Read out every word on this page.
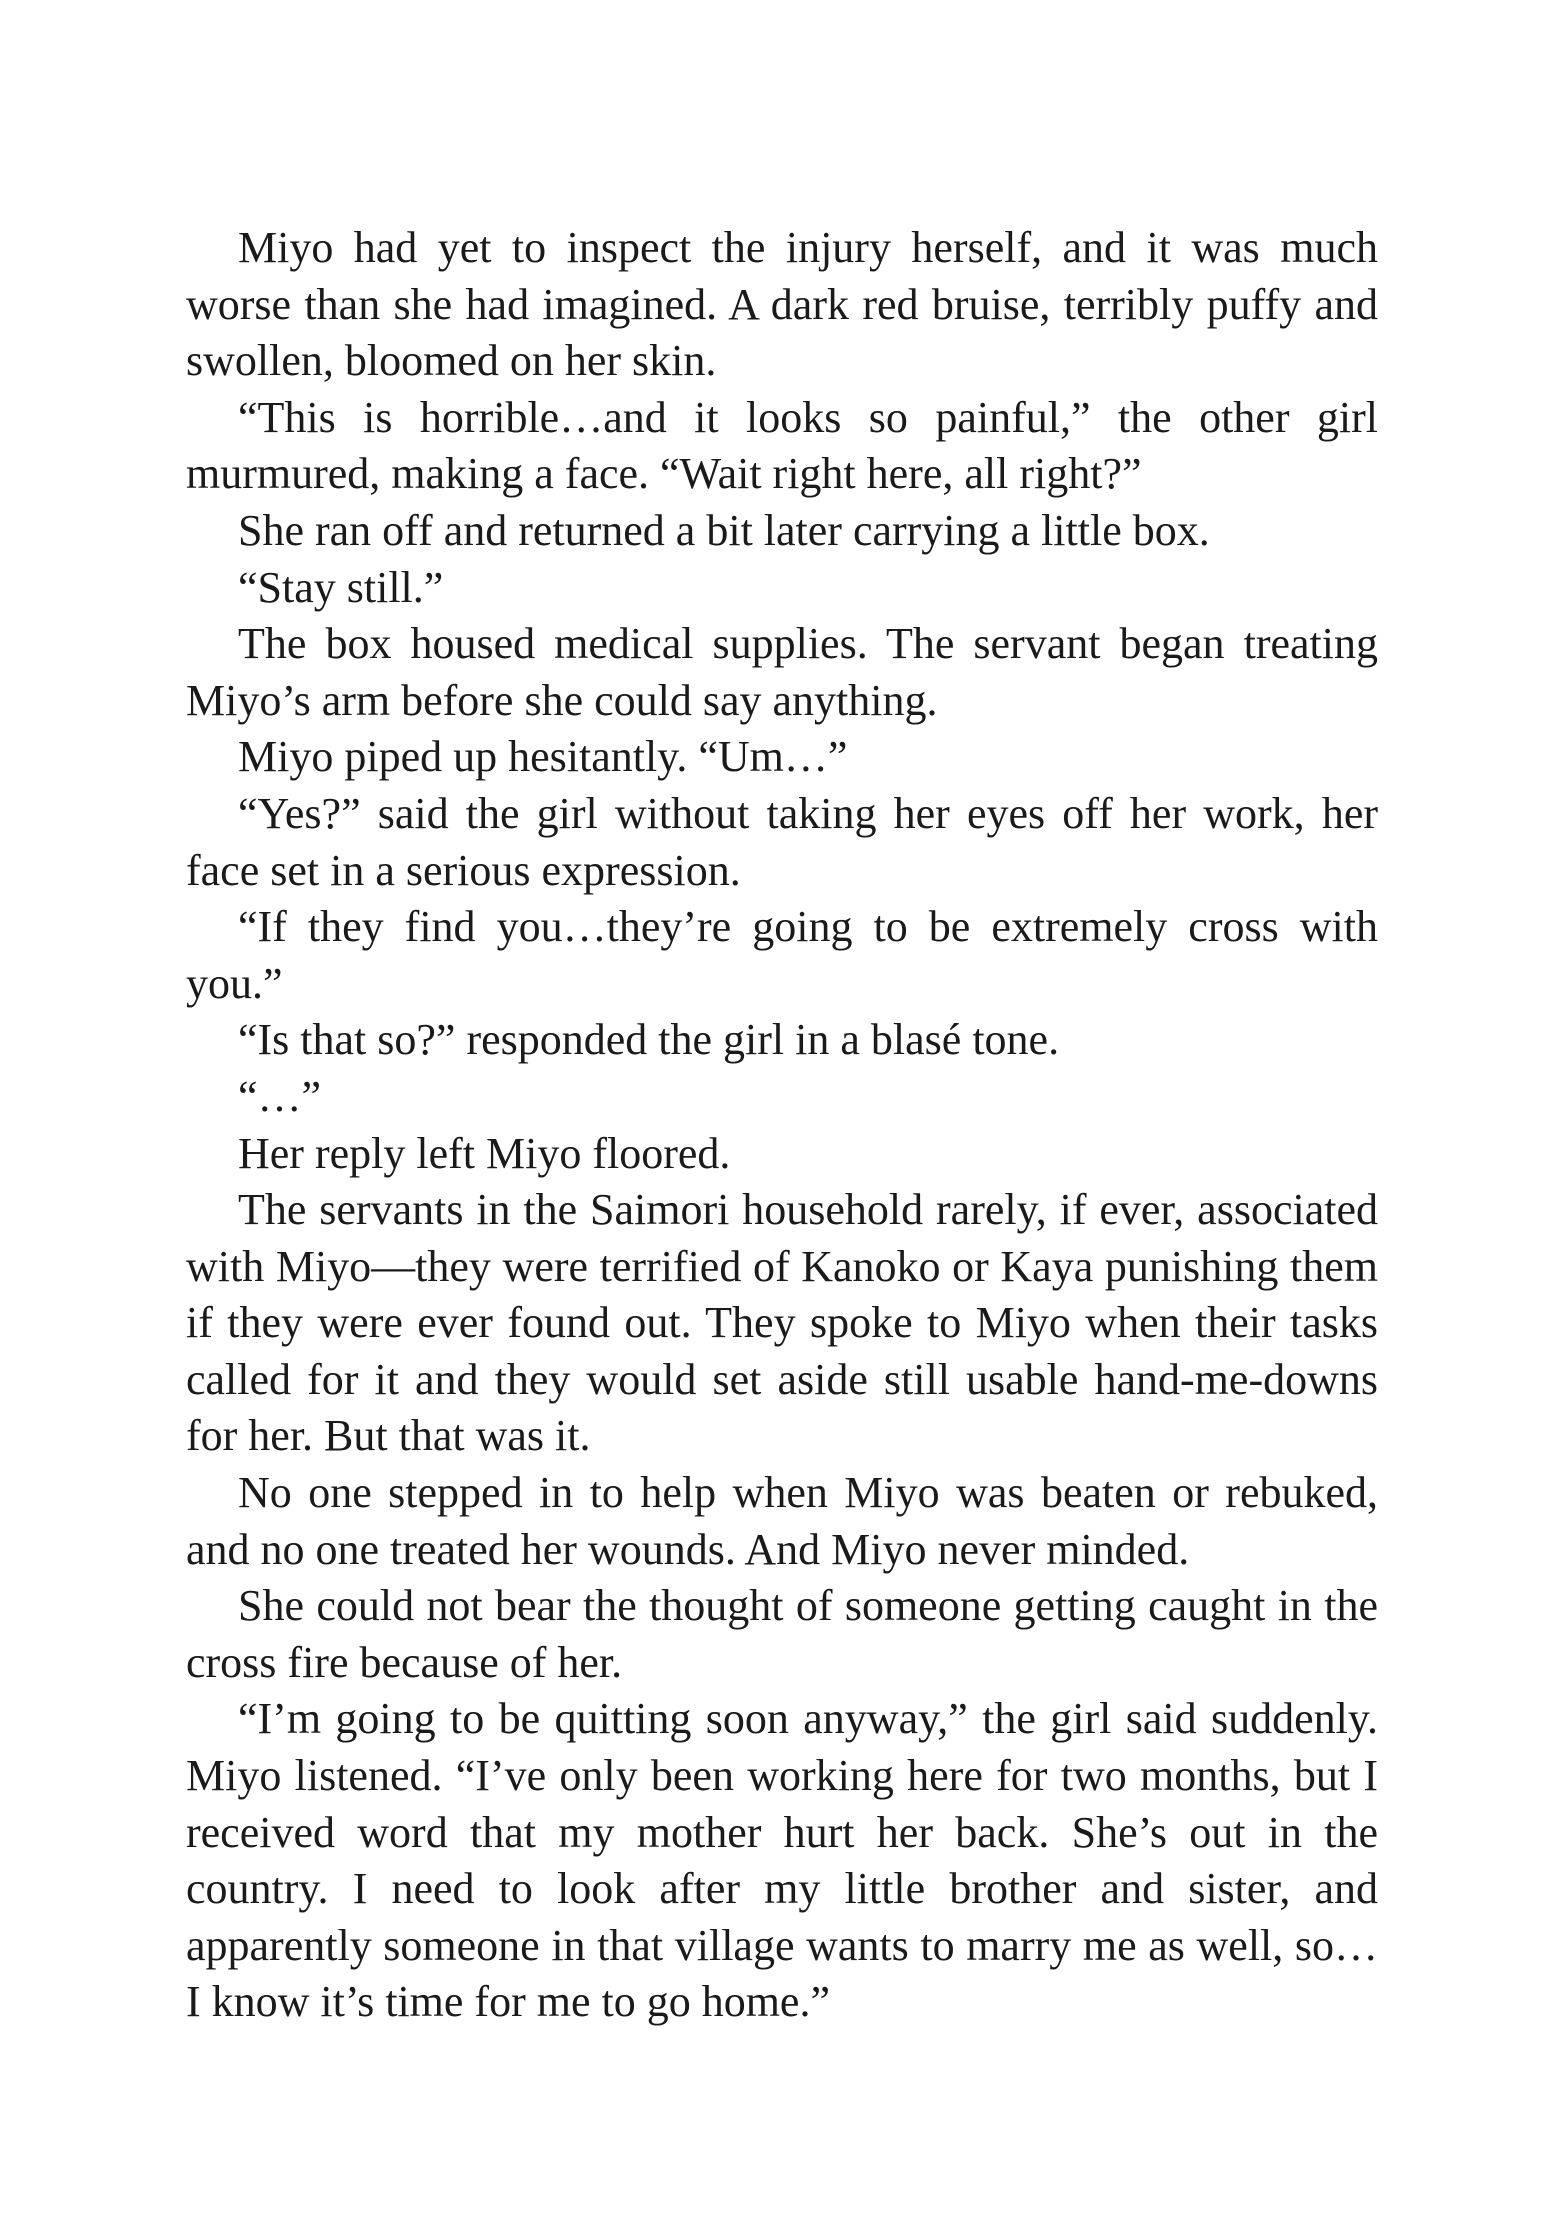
Miyo had yet to inspect the injury herself, and it was much worse than she had imagined. A dark red bruise, terribly puffy and swollen, bloomed on her skin.

“This is horrible…and it looks so painful,” the other girl murmured, making a face. “Wait right here, all right?”

She ran off and returned a bit later carrying a little box.

“Stay still.”

The box housed medical supplies. The servant began treating Miyo’s arm before she could say anything.

Miyo piped up hesitantly. “Um…”

“Yes?” said the girl without taking her eyes off her work, her face set in a serious expression.

“If they find you…they’re going to be extremely cross with you.”

“Is that so?” responded the girl in a blasé tone.

“…”

Her reply left Miyo floored.

The servants in the Saimori household rarely, if ever, associated with Miyo—they were terrified of Kanoko or Kaya punishing them if they were ever found out. They spoke to Miyo when their tasks called for it and they would set aside still usable hand-me-downs for her. But that was it.

No one stepped in to help when Miyo was beaten or rebuked, and no one treated her wounds. And Miyo never minded.

She could not bear the thought of someone getting caught in the cross fire because of her.

“I’m going to be quitting soon anyway,” the girl said suddenly. Miyo listened. “I’ve only been working here for two months, but I received word that my mother hurt her back. She’s out in the country. I need to look after my little brother and sister, and apparently someone in that village wants to marry me as well, so…I know it’s time for me to go home.”
